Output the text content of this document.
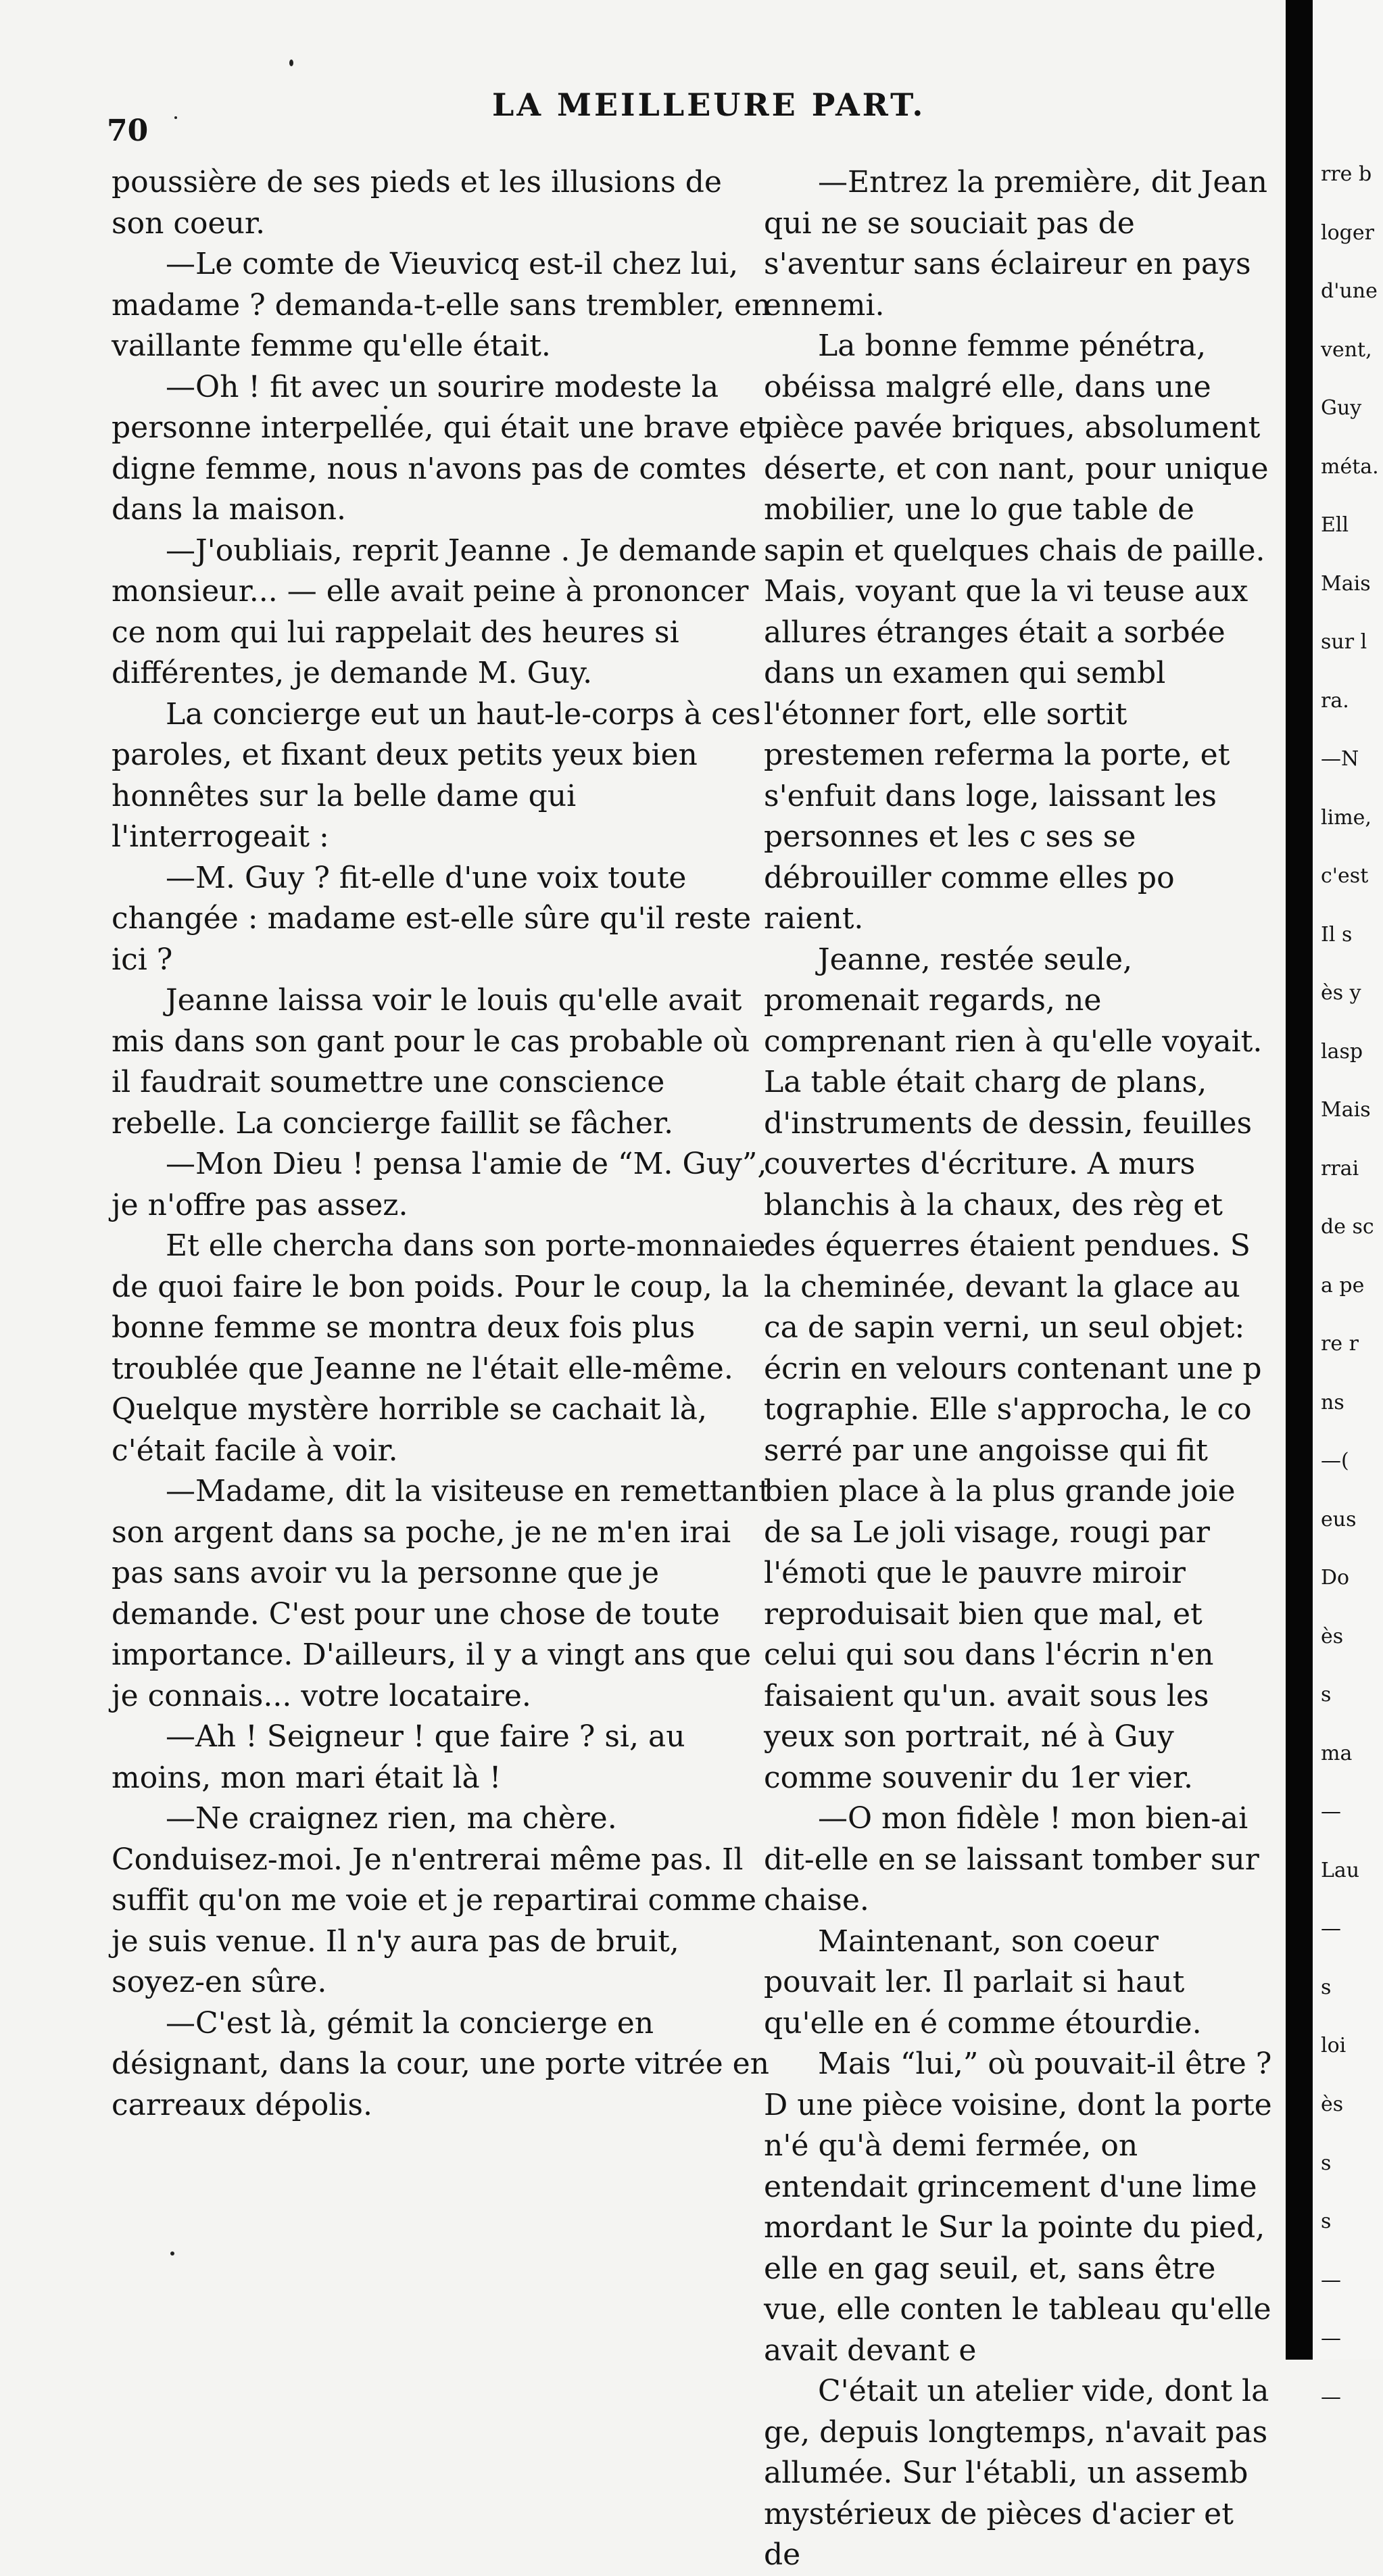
70
LA MEILLEURE PART.

poussière de ses pieds et les illusions de son coeur.

—Le comte de Vieuvicq est-il chez lui, madame ? demanda-t-elle sans trembler, en vaillante femme qu'elle était.

—Oh ! fit avec un sourire modeste la personne interpellée, qui était une brave et digne femme, nous n'avons pas de comtes dans la maison.

—J'oubliais, reprit Jeanne . Je demande monsieur... — elle avait peine à prononcer ce nom qui lui rappelait des heures si différentes, je demande M. Guy.

La concierge eut un haut-le-corps à ces paroles, et fixant deux petits yeux bien honnêtes sur la belle dame qui l'interrogeait :

—M. Guy ? fit-elle d'une voix toute changée : madame est-elle sûre qu'il reste ici ?

Jeanne laissa voir le louis qu'elle avait mis dans son gant pour le cas probable où il faudrait soumettre une conscience rebelle. La concierge faillit se fâcher.

—Mon Dieu ! pensa l'amie de “M. Guy”, je n'offre pas assez.

Et elle chercha dans son porte-monnaie de quoi faire le bon poids. Pour le coup, la bonne femme se montra deux fois plus troublée que Jeanne ne l'était elle-même. Quelque mystère horrible se cachait là, c'était facile à voir.

—Madame, dit la visiteuse en remettant son argent dans sa poche, je ne m'en irai pas sans avoir vu la personne que je demande. C'est pour une chose de toute importance. D'ailleurs, il y a vingt ans que je connais... votre locataire.

—Ah ! Seigneur ! que faire ? si, au moins, mon mari était là !

—Ne craignez rien, ma chère. Conduisez-moi. Je n'entrerai même pas. Il suffit qu'on me voie et je repartirai comme je suis venue. Il n'y aura pas de bruit, soyez-en sûre.

—C'est là, gémit la concierge en désignant, dans la cour, une porte vitrée en carreaux dépolis.

—Entrez la première, dit Jean qui ne se souciait pas de s'aventur sans éclaireur en pays ennemi.

La bonne femme pénétra, obéissa malgré elle, dans une pièce pavée briques, absolument déserte, et con nant, pour unique mobilier, une lo gue table de sapin et quelques chais de paille. Mais, voyant que la vi teuse aux allures étranges était a sorbée dans un examen qui sembl l'étonner fort, elle sortit prestemen referma la porte, et s'enfuit dans loge, laissant les personnes et les c ses se débrouiller comme elles po raient.

Jeanne, restée seule, promenait regards, ne comprenant rien à qu'elle voyait. La table était charg de plans, d'instruments de dessin, feuilles couvertes d'écriture. A murs blanchis à la chaux, des règ et des équerres étaient pendues. S la cheminée, devant la glace au ca de sapin verni, un seul objet: écrin en velours contenant une p tographie. Elle s'approcha, le co serré par une angoisse qui fit bien place à la plus grande joie de sa Le joli visage, rougi par l'émoti que le pauvre miroir reproduisait bien que mal, et celui qui sou dans l'écrin n'en faisaient qu'un. avait sous les yeux son portrait, né à Guy comme souvenir du 1er vier.

—O mon fidèle ! mon bien-ai dit-elle en se laissant tomber sur chaise.

Maintenant, son coeur pouvait ler. Il parlait si haut qu'elle en é comme étourdie.

Mais “lui,” où pouvait-il être ? D une pièce voisine, dont la porte n'é qu'à demi fermée, on entendait grincement d'une lime mordant le Sur la pointe du pied, elle en gag seuil, et, sans être vue, elle conten le tableau qu'elle avait devant e

C'était un atelier vide, dont la ge, depuis longtemps, n'avait pas allumée. Sur l'établi, un assemb mystérieux de pièces d'acier et de

rre b
loger
d'une
vent,
Guy
méta.
Ell
Mais
sur l
ra.
—N
lime,
c'est
Il s
ès y
lasp
Mais
rrai
de sc
a pe
re r
ns
—(
eus
Do
ès
s
ma
—
Lau
—
s
loi
ès
s
s
—
—
—
